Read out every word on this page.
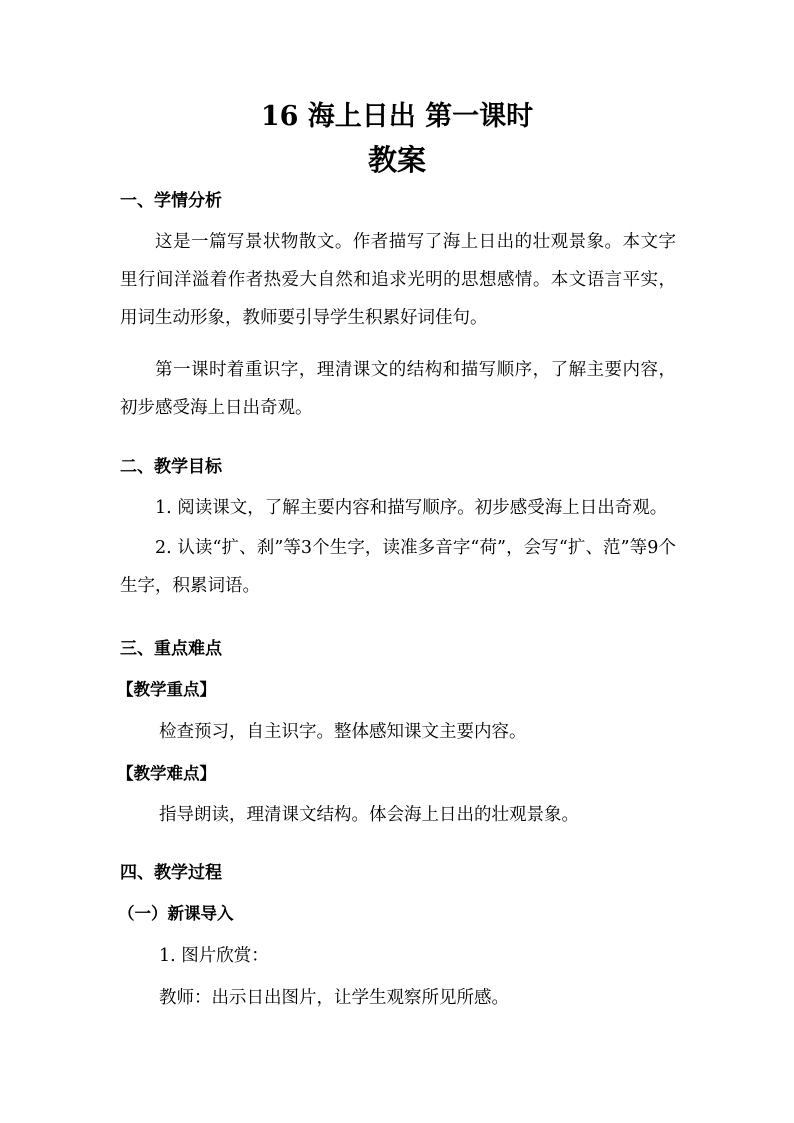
16 海上日出 第一课时
教案
一、学情分析
这是一篇写景状物散文。作者描写了海上日出的壮观景象。本文字里行间洋溢着作者热爱大自然和追求光明的思想感情。本文语言平实，用词生动形象，教师要引导学生积累好词佳句。
第一课时着重识字，理清课文的结构和描写顺序，了解主要内容，初步感受海上日出奇观。
二、教学目标
1. 阅读课文，了解主要内容和描写顺序。初步感受海上日出奇观。
2. 认读“扩、刹”等3个生字，读准多音字“荷”，会写“扩、范”等9个生字，积累词语。
三、重点难点
【教学重点】
检查预习，自主识字。整体感知课文主要内容。
【教学难点】
指导朗读，理清课文结构。体会海上日出的壮观景象。
四、教学过程
（一）新课导入
1. 图片欣赏：
教师：出示日出图片，让学生观察所见所感。
